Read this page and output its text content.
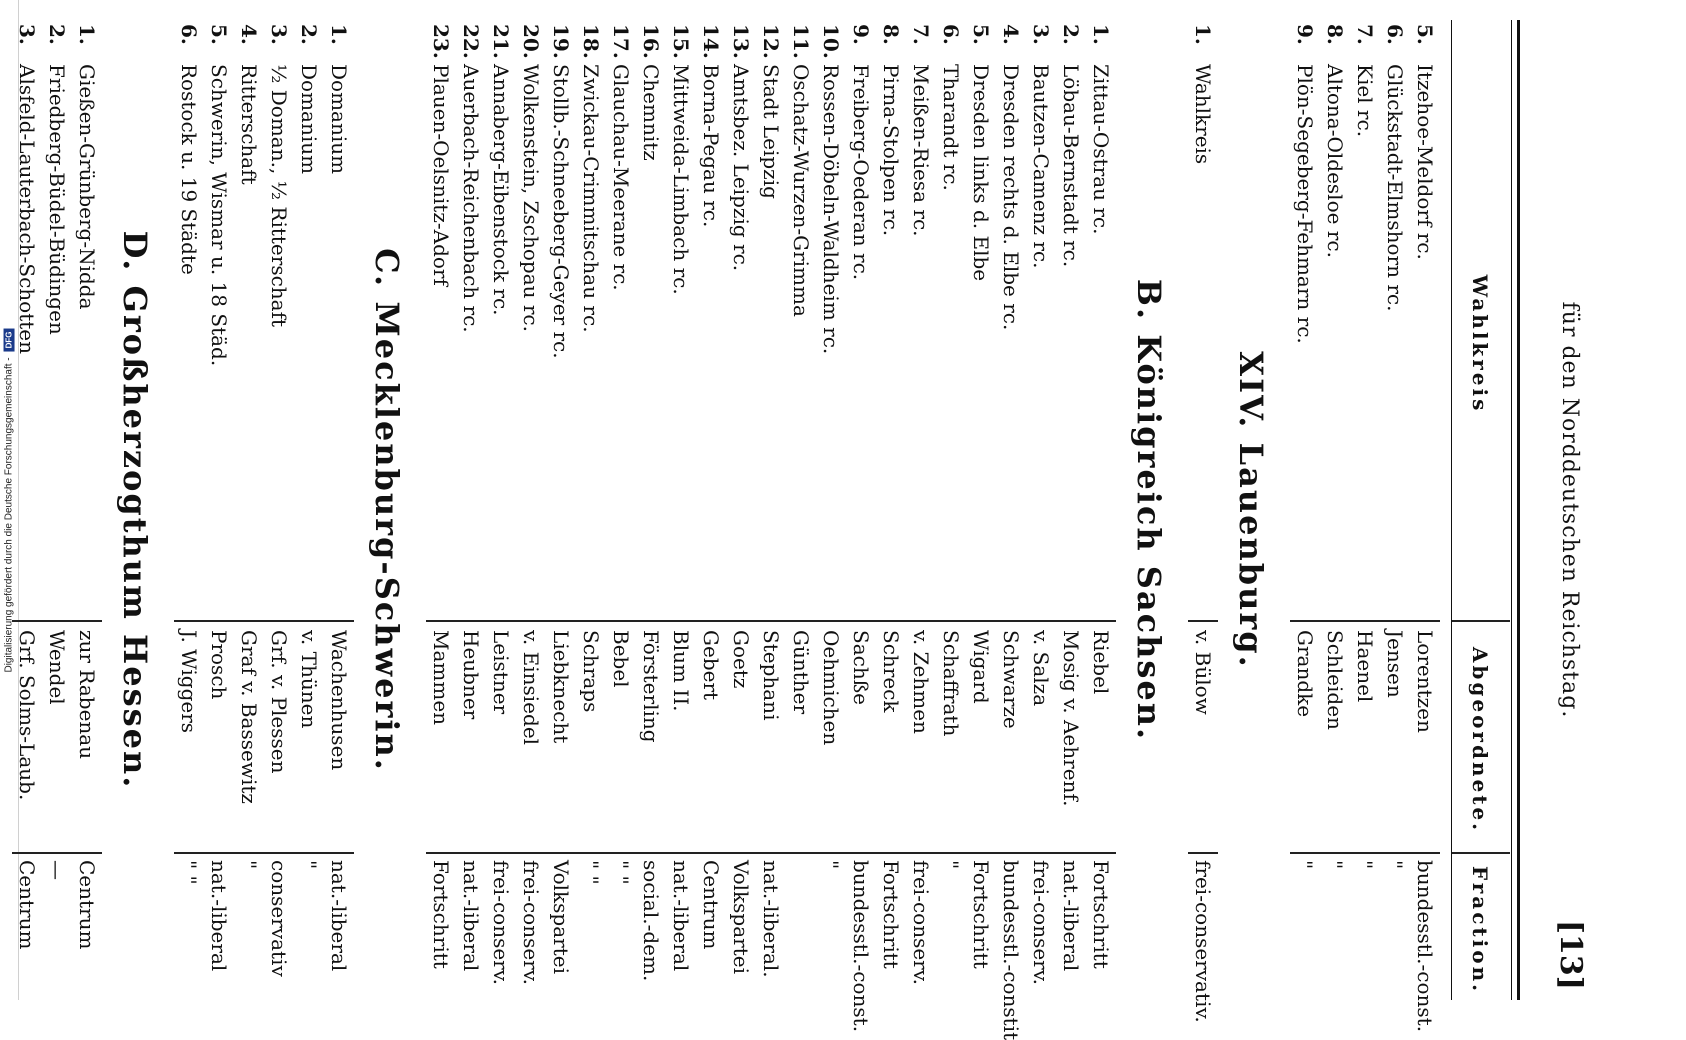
Digitalisierung gefördert durch die Deutsche Forschungsgemeinschaft -
DFG	für den Norddeutschen Reichstag.
[13]
Wahlkreis
Abgeordnete.
Fraction.
5.
Itzehoe-Meldorf rc.
Lorentzen
bundesstl.-const.
6.
Glückstadt-Elmshorn rc.
Jensen
"
7.
Kiel rc.
Haenel
"
8.
Altona-Oldesloe rc.
Schleiden
"
9.
Plön-Segeberg-Fehmarn rc.
Grandke
"
XIV. Lauenburg.
1.
Wahlkreis
v. Bülow
frei-conservativ.
B. Königreich Sachsen.
1.
Zittau-Ostrau rc.
Riebel
Fortschritt
2.
Löbau-Bernstadt rc.
Mosig v. Aehrenf.
nat.-liberal
3.
Bautzen-Camenz rc.
v. Salza
frei-conserv.
4.
Dresden rechts d. Elbe rc.
Schwarze
bundesstl.-constit
5.
Dresden links d. Elbe
Wigard
Fortschritt
6.
Tharandt rc.
Schaffrath
"
7.
Meißen-Riesa rc.
v. Zehmen
frei-conserv.
8.
Pirna-Stolpen rc.
Schreck
Fortschritt
9.
Freiberg-Oederan rc.
Sachße
bundesstl.-const.
10.
Rossen-Döbeln-Waldheim rc.
Oehmichen
"
11.
Oschatz-Wurzen-Grimma
Günther
12.
Stadt Leipzig
Stephani
nat.-liberal.
13.
Amtsbez. Leipzig rc.
Goetz
Volkspartei
14.
Borna-Pegau rc.
Gebert
Centrum
15.
Mittweida-Limbach rc.
Blum II.
nat.-liberal
16.
Chemnitz
Försterling
social.-dem.
17.
Glauchau-Meerane rc.
Bebel
" "
18.
Zwickau-Crimmitschau rc.
Schraps
" "
19.
Stollb.-Schneeberg-Geyer rc.
Liebknecht
Volkspartei
20.
Wolkenstein, Zschopau rc.
v. Einsiedel
frei-conserv.
21.
Annaberg-Eibenstock rc.
Leistner
frei-conserv.
22.
Auerbach-Reichenbach rc.
Heubner
nat.-liberal
23.
Plauen-Oelsnitz-Adorf
Mammen
Fortschritt
C. Mecklenburg-Schwerin.
1.
Domanium
Wachenhusen
nat.-liberal
2.
Domanium
v. Thünen
"
3.
½ Doman., ½ Ritterschaft
Grf. v. Plessen
conservativ
4.
Ritterschaft
Graf v. Bassewitz
"
5.
Schwerin, Wismar u. 18 Städ.
Prosch
nat.-liberal
6.
Rostock u. 19 Städte
J. Wiggers
" "
D. Großherzogthum Hessen.
1.
Gießen-Grünberg-Nidda
zur Rabenau
Centrum
2.
Friedberg-Büdel-Büdingen
Wendel
—
3.
Alsfeld-Lauterbach-Schotten
Grf. Solms-Laub.
Centrum
